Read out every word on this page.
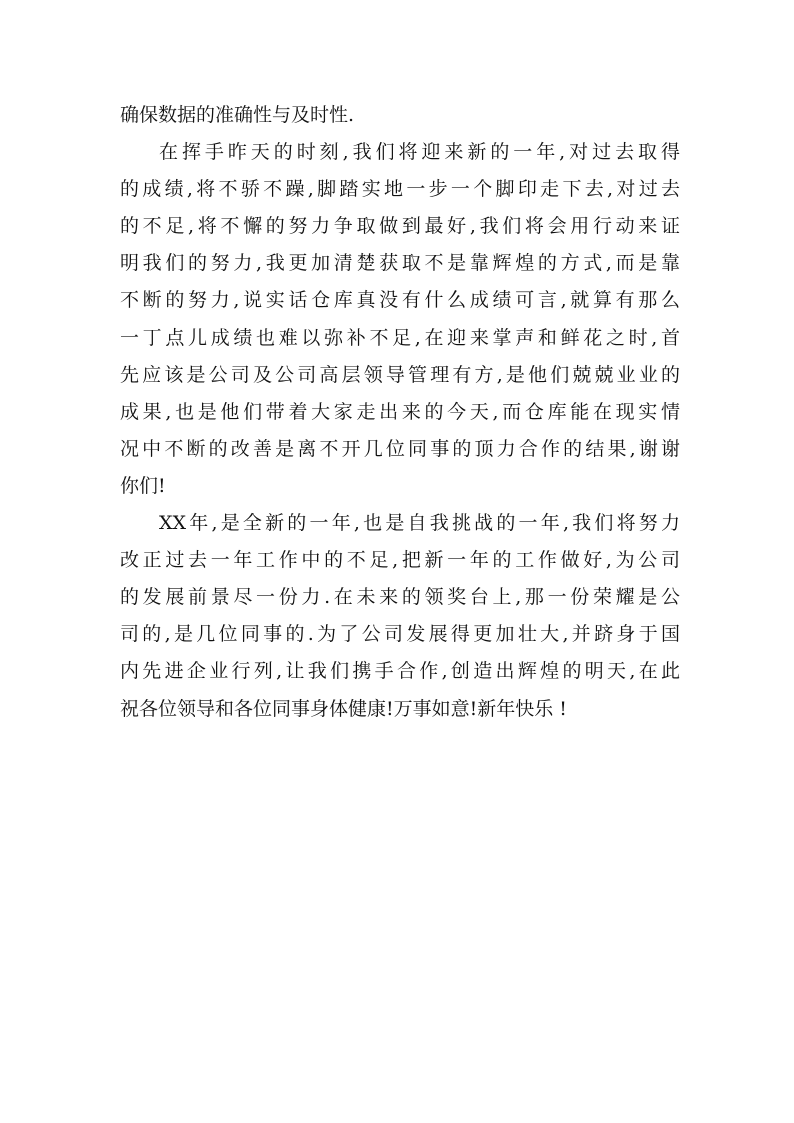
确保数据的准确性与及时性.
在挥手昨天的时刻,我们将迎来新的一年,对过去取得
的成绩,将不骄不躁,脚踏实地一步一个脚印走下去,对过去
的不足,将不懈的努力争取做到最好,我们将会用行动来证
明我们的努力,我更加清楚获取不是靠辉煌的方式,而是靠
不断的努力,说实话仓库真没有什么成绩可言,就算有那么
一丁点儿成绩也难以弥补不足,在迎来掌声和鲜花之时,首
先应该是公司及公司高层领导管理有方,是他们兢兢业业的
成果,也是他们带着大家走出来的今天,而仓库能在现实情
况中不断的改善是离不开几位同事的顶力合作的结果,谢谢
你们!
XX年,是全新的一年,也是自我挑战的一年,我们将努力
改正过去一年工作中的不足,把新一年的工作做好,为公司
的发展前景尽一份力.在未来的领奖台上,那一份荣耀是公
司的,是几位同事的.为了公司发展得更加壮大,并跻身于国
内先进企业行列,让我们携手合作,创造出辉煌的明天,在此
祝各位领导和各位同事身体健康!万事如意!新年快乐 !
